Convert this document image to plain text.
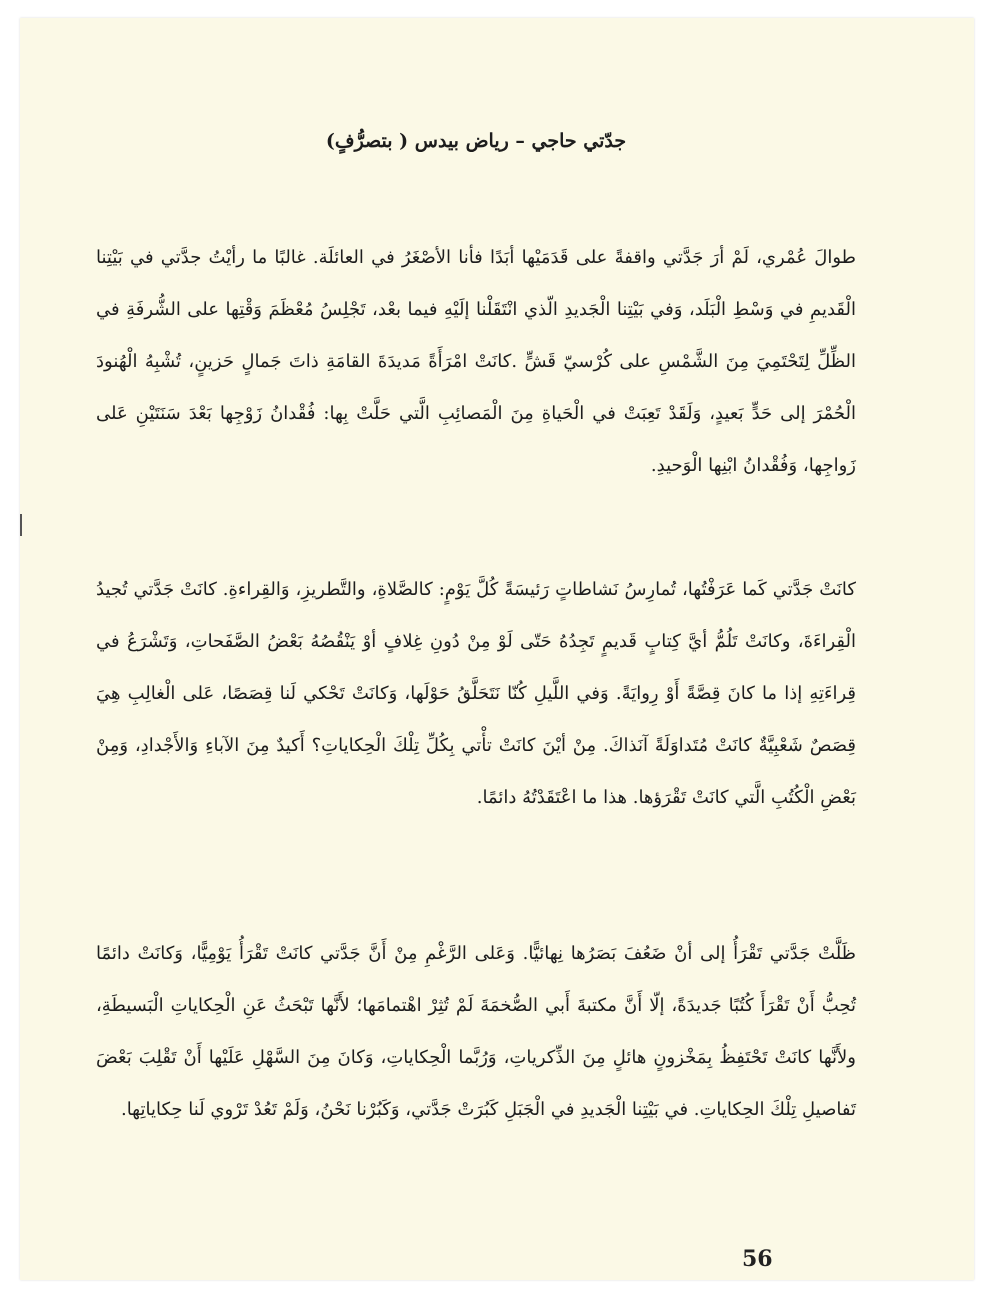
جدّتي حاجي – رياض بيدس ( بتصرُّفٍ)

طوالَ عُمْري، لَمْ أرَ جَدَّتي واقفةً على قَدَمَيْها أبَدًا فأنا الأصْغَرُ في العائلَة. غالبًا ما رأيْتُ جدَّتي في بَيْتِنا الْقَديمِ في وَسْطِ الْبَلَد، وَفي بَيْتِنا الْجَديدِ الّذي انْتَقَلْنا إلَيْهِ فيما بعْد، تَجْلِسُ مُعْظَمَ وَقْتِها على الشُّرفَةِ في الظِّلِّ لِتَحْتَمِيَ مِنَ الشَّمْسِ على كُرْسيّ قَشٍّ .كانَتْ امْرَأَةً مَديدَةَ القامَةِ ذاتَ جَمالٍ حَزينٍ، تُشْبِهُ الْهُنودَ الْحُمْرَ إلى حَدٍّ بَعيدٍ، وَلَقَدْ تَعِبَتْ في الْحَياةِ مِنَ الْمَصائِبِ الَّتي حَلَّتْ بِها: فُقْدانُ زَوْجِها بَعْدَ سَنَتَيْنِ عَلى زَواجِها، وَفُقْدانُ ابْنِها الْوَحيدِ.

كانَتْ جَدَّتي كَما عَرَفْتُها، تُمارِسُ نَشاطاتٍ رَئيسَةً كُلَّ يَوْمٍ: كالصَّلاةِ، والتَّطريزِ، وَالقِراءةِ. كانَتْ جَدَّتي تُجيدُ الْقِراءَةَ، وكانَتْ تَلُمُّ أيَّ كِتابٍ قَديمٍ تَجِدُهُ حَتّى لَوْ مِنْ دُونِ غِلافٍ أوْ يَنْقُصُهُ بَعْضُ الصَّفَحاتِ، وَتَشْرَعُ في قِراءَتِهِ إذا ما كانَ قِصَّةً أَوْ رِوايَةً. وَفي اللَّيلِ كُنّا نَتَحَلَّقُ حَوْلَها، وَكانَتْ تَحْكي لَنا قِصَصًا، عَلى الْغالِبِ هِيَ قِصَصٌ شَعْبِيَّةٌ كانَتْ مُتَداوَلَةً آنَذاكَ. مِنْ أيْنَ كانَتْ تأْتي بِكُلِّ تِلْكَ الْحِكاياتِ؟ أَكيدٌ مِنَ الآباءِ وَالأَجْدادِ، وَمِنْ بَعْضِ الْكُتُبِ الَّتي كانَتْ تَقْرَؤها. هذا ما اعْتَقَدْتُهُ دائمًا.

ظَلَّتْ جَدَّتي تَقْرَأُ إلى أنْ ضَعُفَ بَصَرُها نِهائيًّا. وَعَلى الرَّغْمِ مِنْ أَنَّ جَدَّتي كانَتْ تَقْرَأُ يَوْمِيًّا، وَكانَتْ دائمًا تُحِبُّ أَنْ تَقْرَأَ كُتُبًا جَديدَةً، إلّا أَنَّ مكتبةَ أَبي الصُّخمَةَ لَمْ تُثِرْ اهْتمامَها؛ لأَنَّها تَبْحَثُ عَنِ الْحِكاياتِ الْبَسيطَةِ، ولأَنَّها كانَتْ تَحْتَفِظُ بِمَخْزونٍ هائلٍ مِنَ الذِّكرياتِ، وَرُبَّما الْحِكاياتِ، وَكانَ مِنَ السَّهْلِ عَلَيْها أَنْ تَقْلِبَ بَعْضَ تَفاصيلِ تِلْكَ الحِكاياتِ. في بَيْتِنا الْجَديدِ في الْجَبَلِ كَبُرَتْ جَدَّتي، وَكَبُرْنا نَحْنُ، وَلَمْ تَعُدْ تَرْوي لَنا حِكاياتِها.

56
